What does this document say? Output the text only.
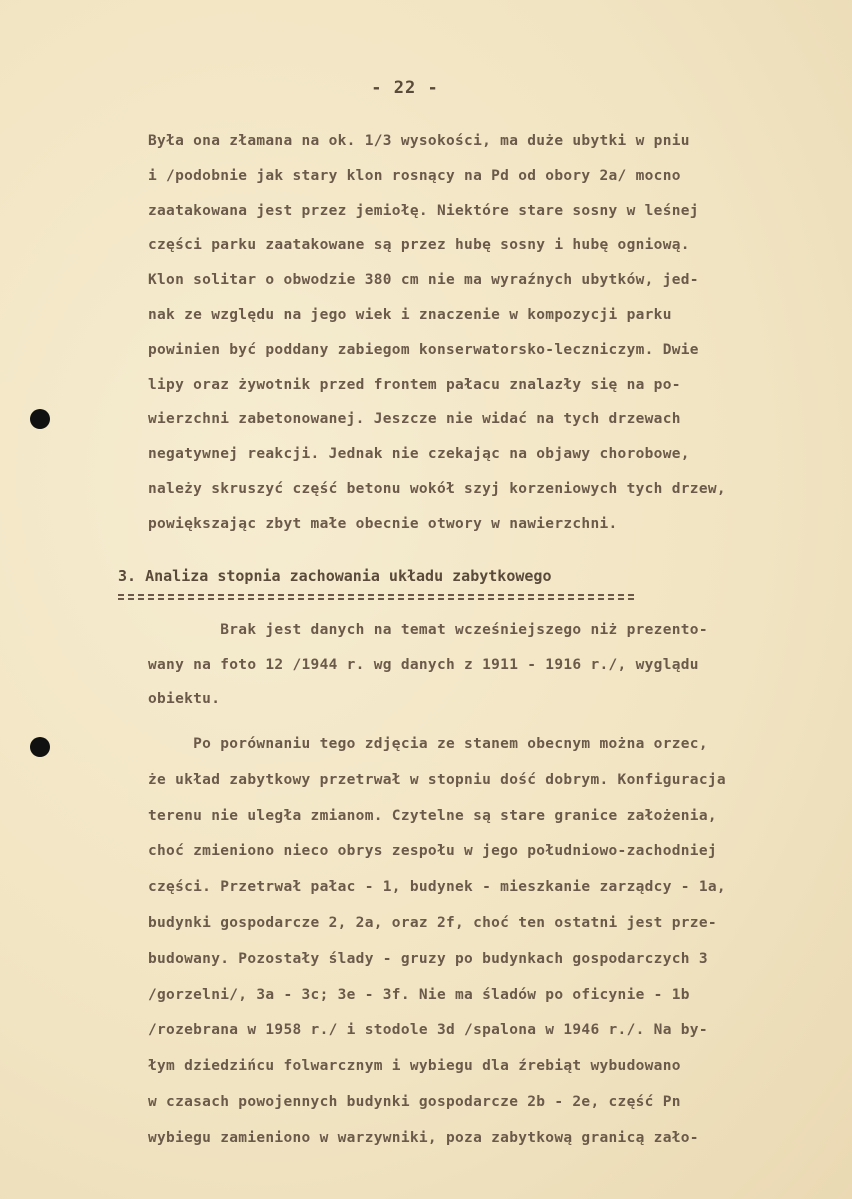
- 22 -
Była ona złamana na ok. 1/3 wysokości, ma duże ubytki w pniu
i /podobnie jak stary klon rosnący na Pd od obory 2a/ mocno
zaatakowana jest przez jemiołę. Niektóre stare sosny w leśnej
części parku zaatakowane są przez hubę sosny i hubę ogniową.
Klon solitar o obwodzie 380 cm nie ma wyraźnych ubytków, jed-
nak ze względu na jego wiek i znaczenie w kompozycji parku
powinien być poddany zabiegom konserwatorsko-leczniczym. Dwie
lipy oraz żywotnik przed frontem pałacu znalazły się na po-
wierzchni zabetonowanej. Jeszcze nie widać na tych drzewach
negatywnej reakcji. Jednak nie czekając na objawy chorobowe,
należy skruszyć część betonu wokół szyj korzeniowych tych drzew,
powiększając zbyt małe obecnie otwory w nawierzchni.
3. Analiza stopnia zachowania układu zabytkowego
Brak jest danych na temat wcześniejszego niż prezento-
wany na foto 12 /1944 r. wg danych z 1911 - 1916 r./, wyglądu
obiektu.
Po porównaniu tego zdjęcia ze stanem obecnym można orzec,
że układ zabytkowy przetrwał w stopniu dość dobrym. Konfiguracja
terenu nie uległa zmianom. Czytelne są stare granice założenia,
choć zmieniono nieco obrys zespołu w jego południowo-zachodniej
części. Przetrwał pałac - 1, budynek - mieszkanie zarządcy - 1a,
budynki gospodarcze 2, 2a, oraz 2f, choć ten ostatni jest prze-
budowany. Pozostały ślady - gruzy po budynkach gospodarczych 3
/gorzelni/, 3a - 3c; 3e - 3f. Nie ma śladów po oficynie - 1b
/rozebrana w 1958 r./ i stodole 3d /spalona w 1946 r./. Na by-
łym dziedzińcu folwarcznym i wybiegu dla źrebiąt wybudowano
w czasach powojennych budynki gospodarcze 2b - 2e, część Pn
wybiegu zamieniono w warzywniki, poza zabytkową granicą zało-
